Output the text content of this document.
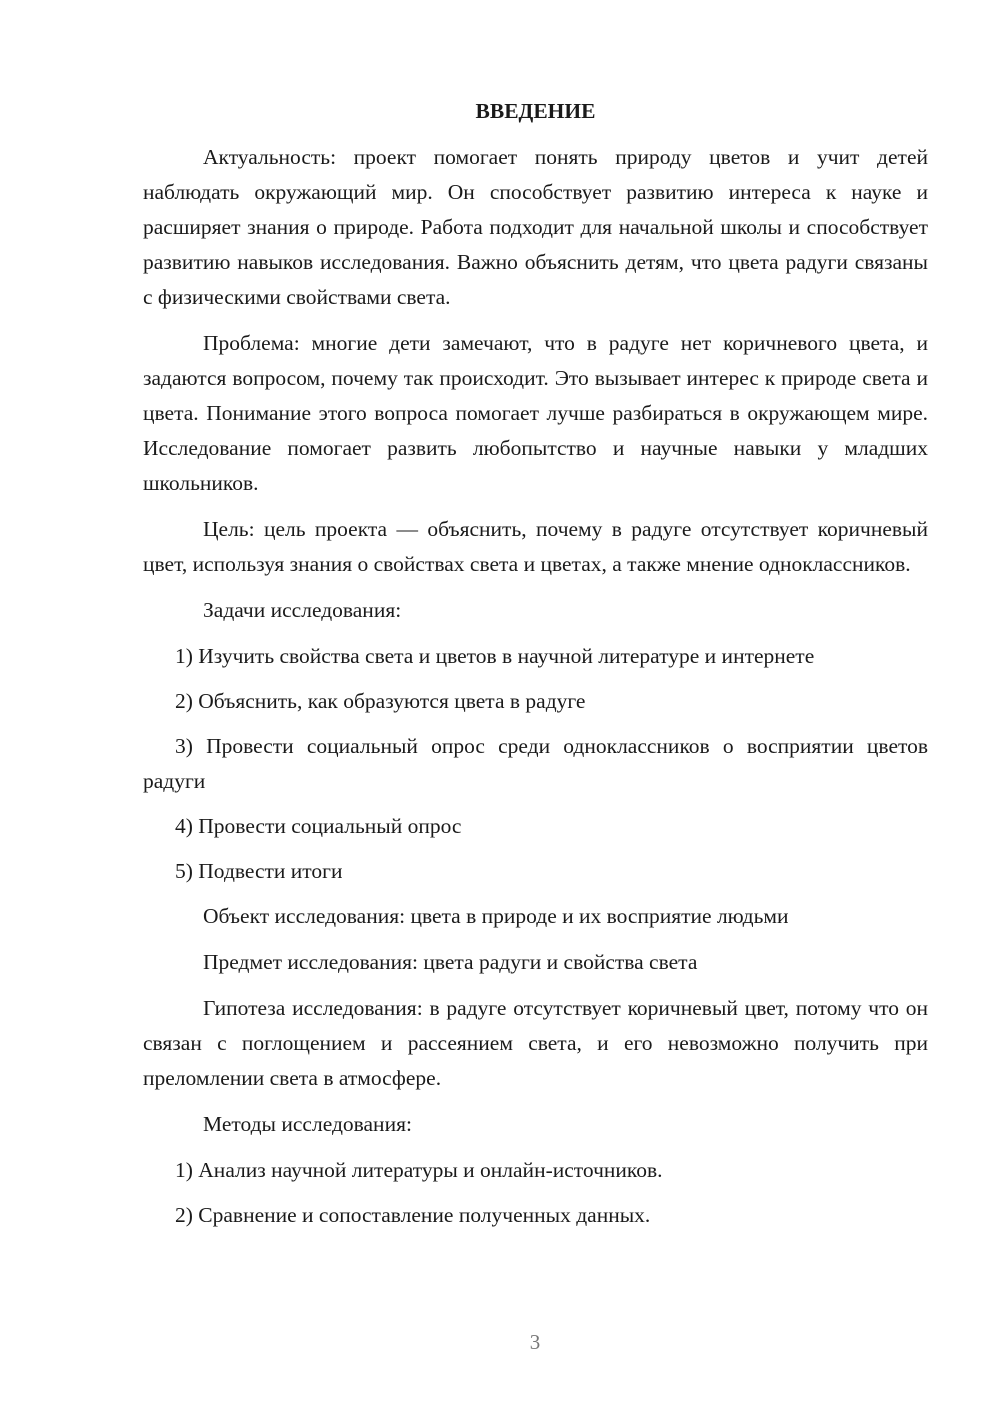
ВВЕДЕНИЕ

Актуальность: проект помогает понять природу цветов и учит детей наблюдать окружающий мир. Он способствует развитию интереса к науке и расширяет знания о природе. Работа подходит для начальной школы и способствует развитию навыков исследования. Важно объяснить детям, что цвета радуги связаны с физическими свойствами света.

Проблема: многие дети замечают, что в радуге нет коричневого цвета, и задаются вопросом, почему так происходит. Это вызывает интерес к природе света и цвета. Понимание этого вопроса помогает лучше разбираться в окружающем мире. Исследование помогает развить любопытство и научные навыки у младших школьников.

Цель: цель проекта — объяснить, почему в радуге отсутствует коричневый цвет, используя знания о свойствах света и цветах, а также мнение одноклассников.

Задачи исследования:

1) Изучить свойства света и цветов в научной литературе и интернете

2) Объяснить, как образуются цвета в радуге

3) Провести социальный опрос среди одноклассников о восприятии цветов радуги

4) Провести социальный опрос

5) Подвести итоги

Объект исследования: цвета в природе и их восприятие людьми

Предмет исследования: цвета радуги и свойства света

Гипотеза исследования: в радуге отсутствует коричневый цвет, потому что он связан с поглощением и рассеянием света, и его невозможно получить при преломлении света в атмосфере.

Методы исследования:

1) Анализ научной литературы и онлайн-источников.

2) Сравнение и сопоставление полученных данных.

3
